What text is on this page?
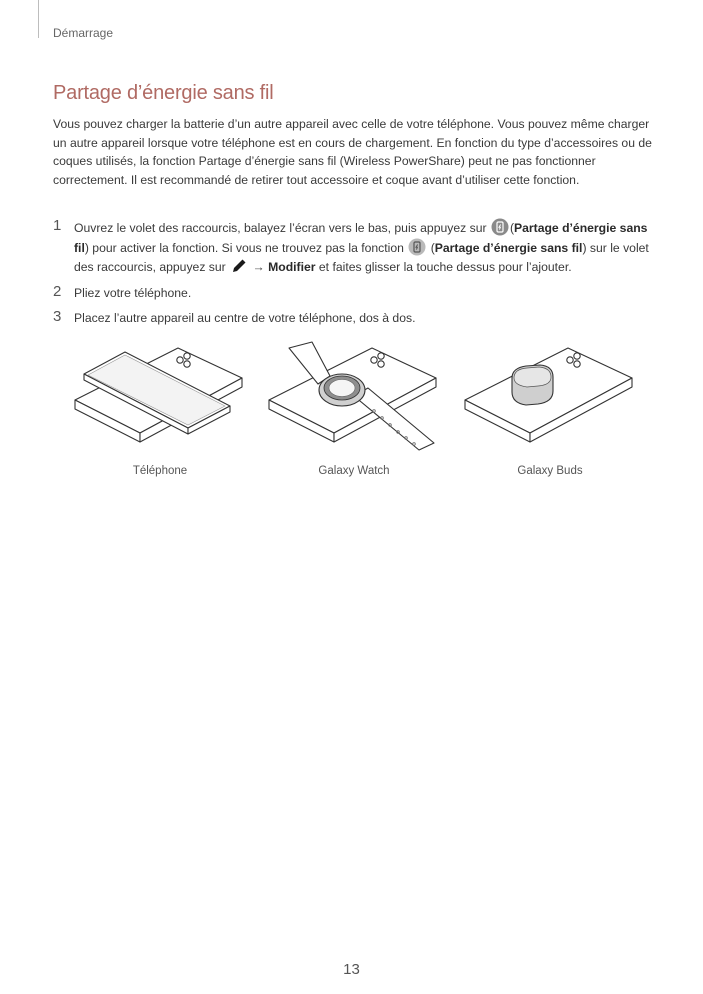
Démarrage
Partage d’énergie sans fil

Vous pouvez charger la batterie d’un autre appareil avec celle de votre téléphone. Vous pouvez même charger un autre appareil lorsque votre téléphone est en cours de chargement. En fonction du type d’accessoires ou de coques utilisés, la fonction Partage d’énergie sans fil (Wireless PowerShare) peut ne pas fonctionner correctement. Il est recommandé de retirer tout accessoire et coque avant d’utiliser cette fonction.

1 Ouvrez le volet des raccourcis, balayez l’écran vers le bas, puis appuyez sur (Partage d’énergie sans fil) pour activer la fonction. Si vous ne trouvez pas la fonction (Partage d’énergie sans fil) sur le volet des raccourcis, appuyez sur → Modifier et faites glisser la touche dessus pour l’ajouter.
2 Pliez votre téléphone.
3 Placez l’autre appareil au centre de votre téléphone, dos à dos.
Téléphone	Galaxy Watch	Galaxy Buds
13
